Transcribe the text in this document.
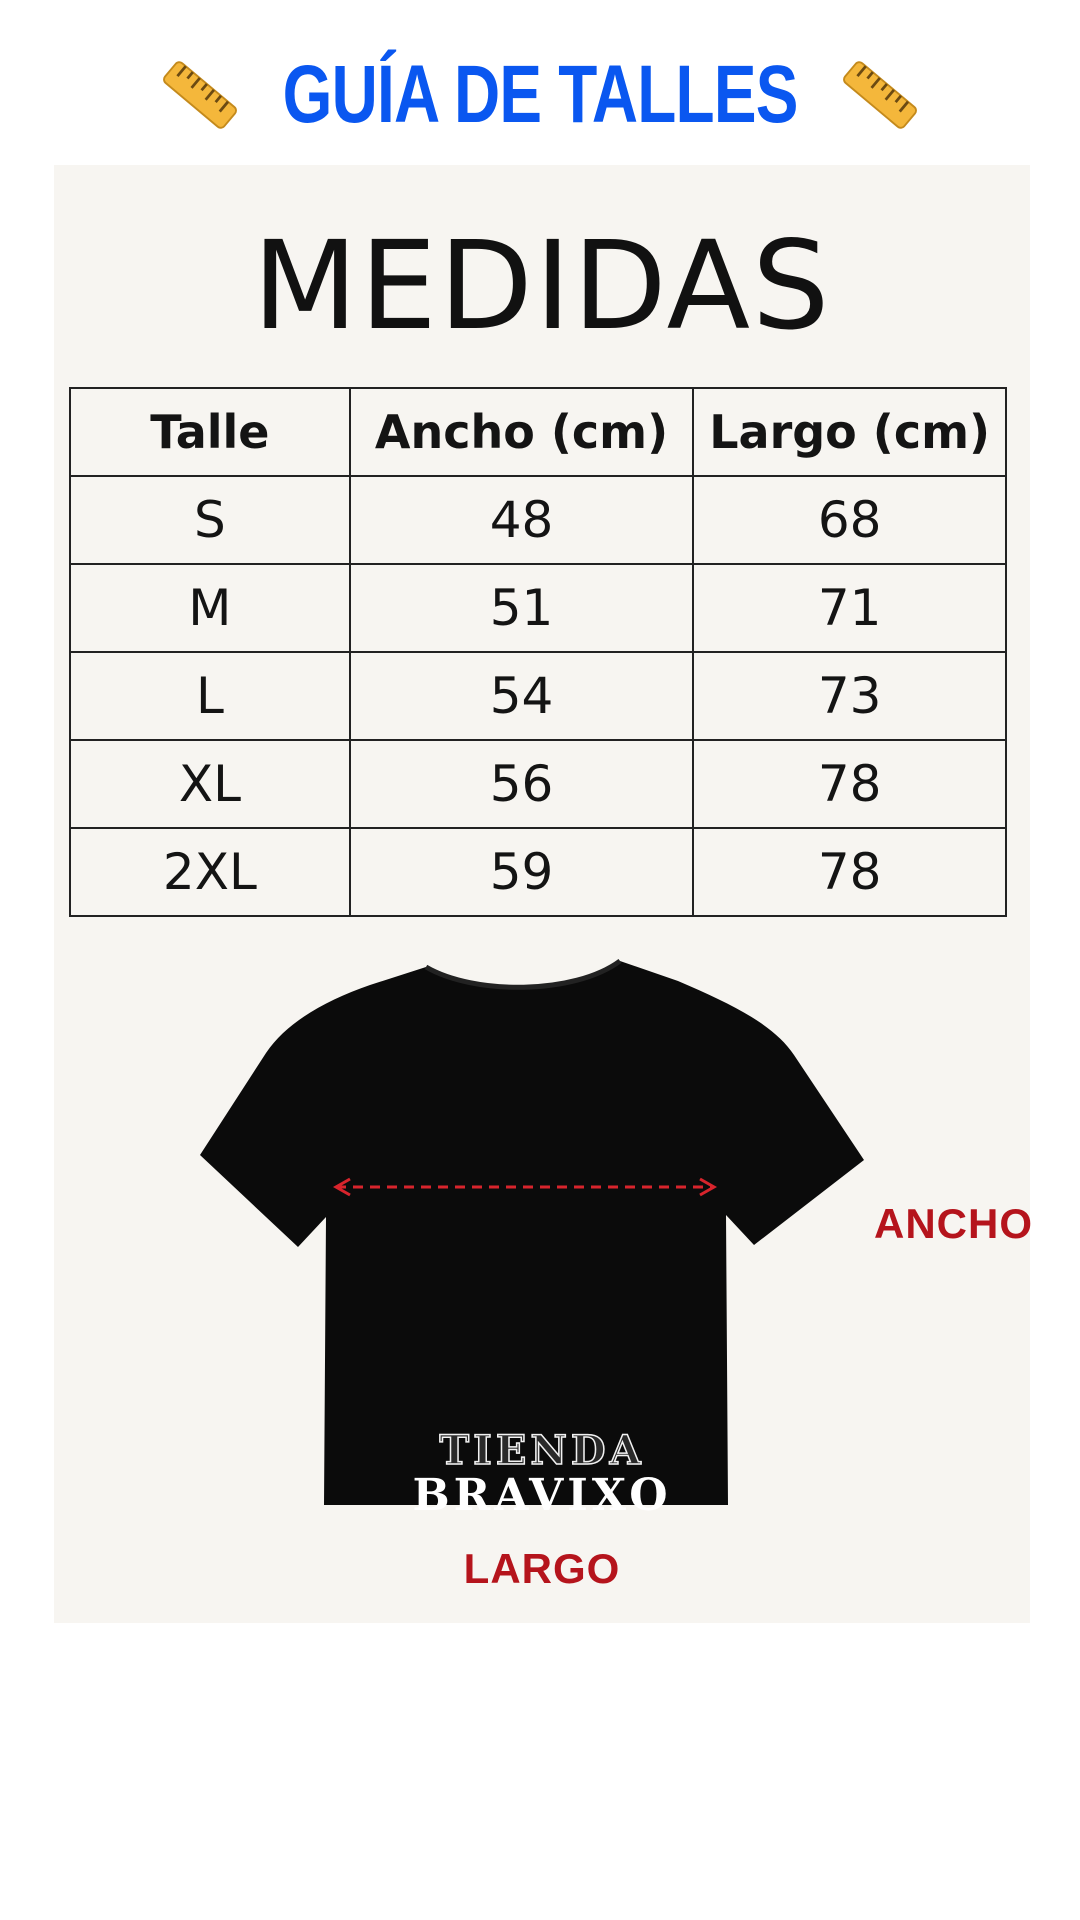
GUÍA DE TALLES
MEDIDAS
Talle	Ancho (cm)	Largo (cm)
S	48	68
M	51	71
L	54	73
XL	56	78
2XL	59	78
TIENDA
BRAVIXO
ANCHO
LARGO
